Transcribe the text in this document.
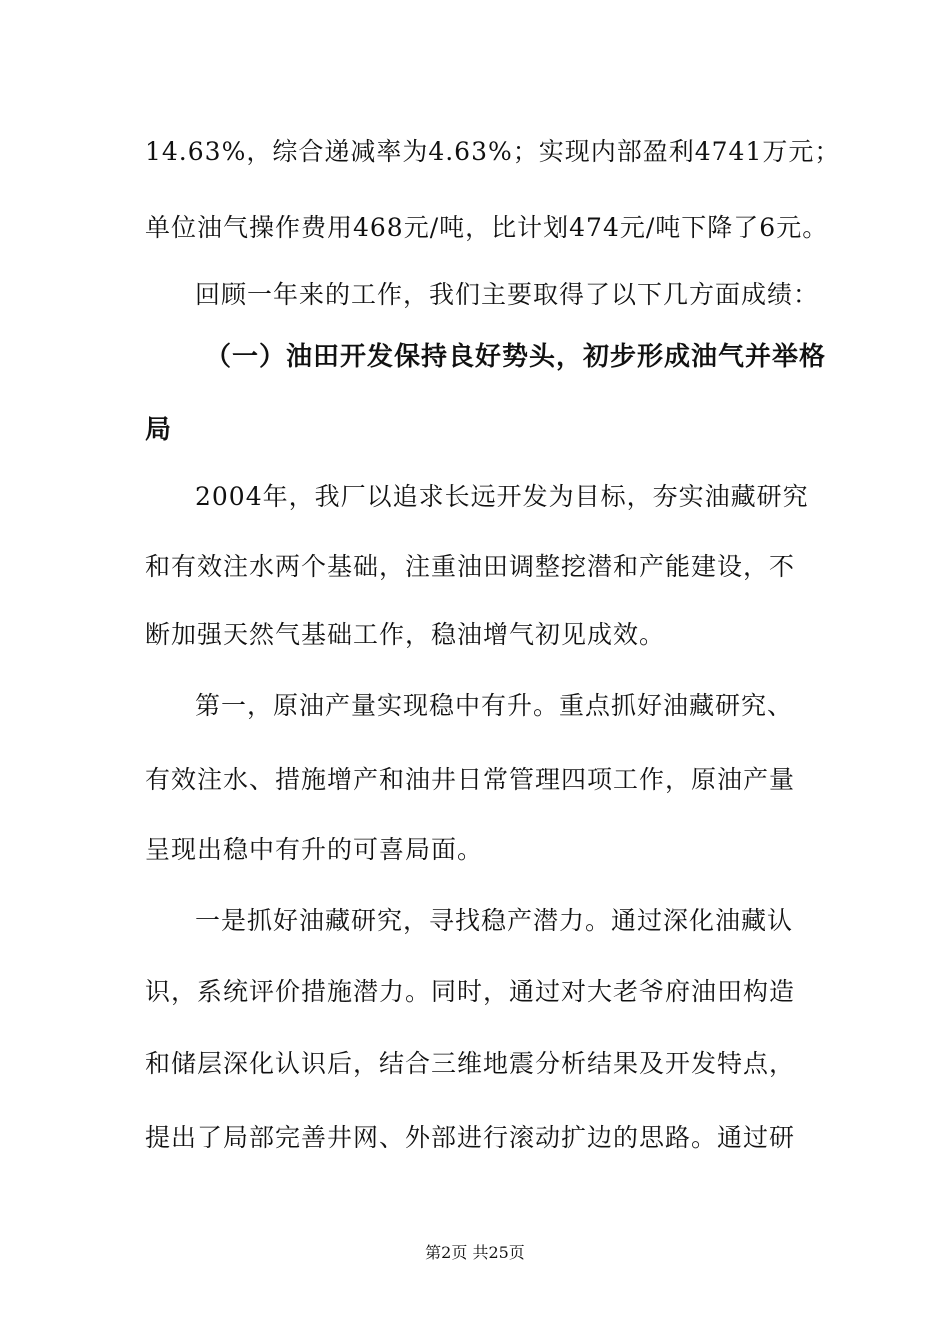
14.63%，综合递减率为4.63%；实现内部盈利4741万元；
单位油气操作费用468元/吨，比计划474元/吨下降了6元。
回顾一年来的工作，我们主要取得了以下几方面成绩：
（一）油田开发保持良好势头，初步形成油气并举格
局
2004年，我厂以追求长远开发为目标，夯实油藏研究
和有效注水两个基础，注重油田调整挖潜和产能建设，不
断加强天然气基础工作，稳油增气初见成效。
第一，原油产量实现稳中有升。重点抓好油藏研究、
有效注水、措施增产和油井日常管理四项工作，原油产量
呈现出稳中有升的可喜局面。
一是抓好油藏研究，寻找稳产潜力。通过深化油藏认
识，系统评价措施潜力。同时，通过对大老爷府油田构造
和储层深化认识后，结合三维地震分析结果及开发特点，
提出了局部完善井网、外部进行滚动扩边的思路。通过研
第2页 共25页
